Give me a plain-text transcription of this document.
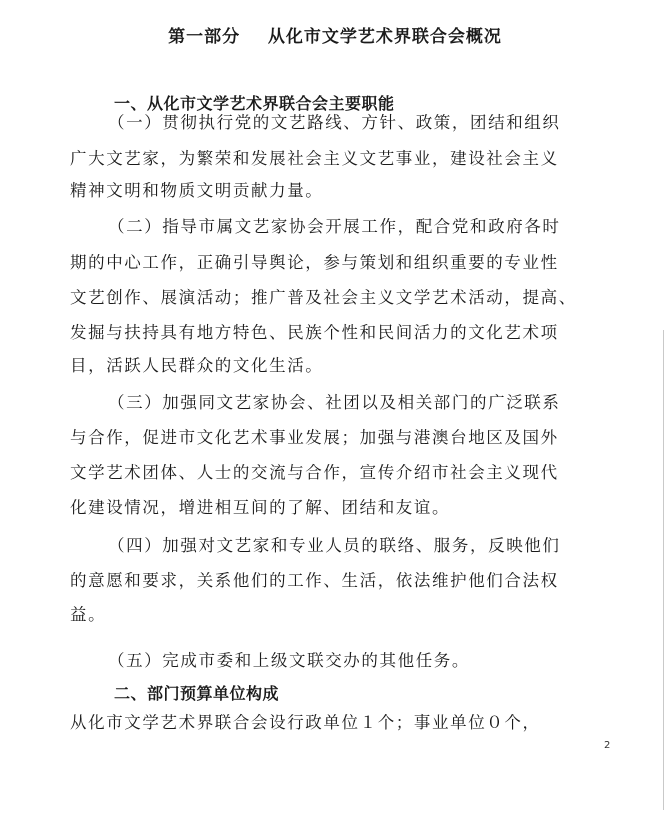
第一部分    从化市文学艺术界联合会概况
一、从化市文学艺术界联合会主要职能
（一）贯彻执行党的文艺路线、方针、政策，团结和组织
广大文艺家，为繁荣和发展社会主义文艺事业，建设社会主义
精神文明和物质文明贡献力量。
（二）指导市属文艺家协会开展工作，配合党和政府各时
期的中心工作，正确引导舆论，参与策划和组织重要的专业性
文艺创作、展演活动；推广普及社会主义文学艺术活动，提高、
发掘与扶持具有地方特色、民族个性和民间活力的文化艺术项
目，活跃人民群众的文化生活。
（三）加强同文艺家协会、社团以及相关部门的广泛联系
与合作，促进市文化艺术事业发展；加强与港澳台地区及国外
文学艺术团体、人士的交流与合作，宣传介绍市社会主义现代
化建设情况，增进相互间的了解、团结和友谊。
（四）加强对文艺家和专业人员的联络、服务，反映他们
的意愿和要求，关系他们的工作、生活，依法维护他们合法权
益。
（五）完成市委和上级文联交办的其他任务。
二、部门预算单位构成
从化市文学艺术界联合会设行政单位１个；事业单位０个，
2
